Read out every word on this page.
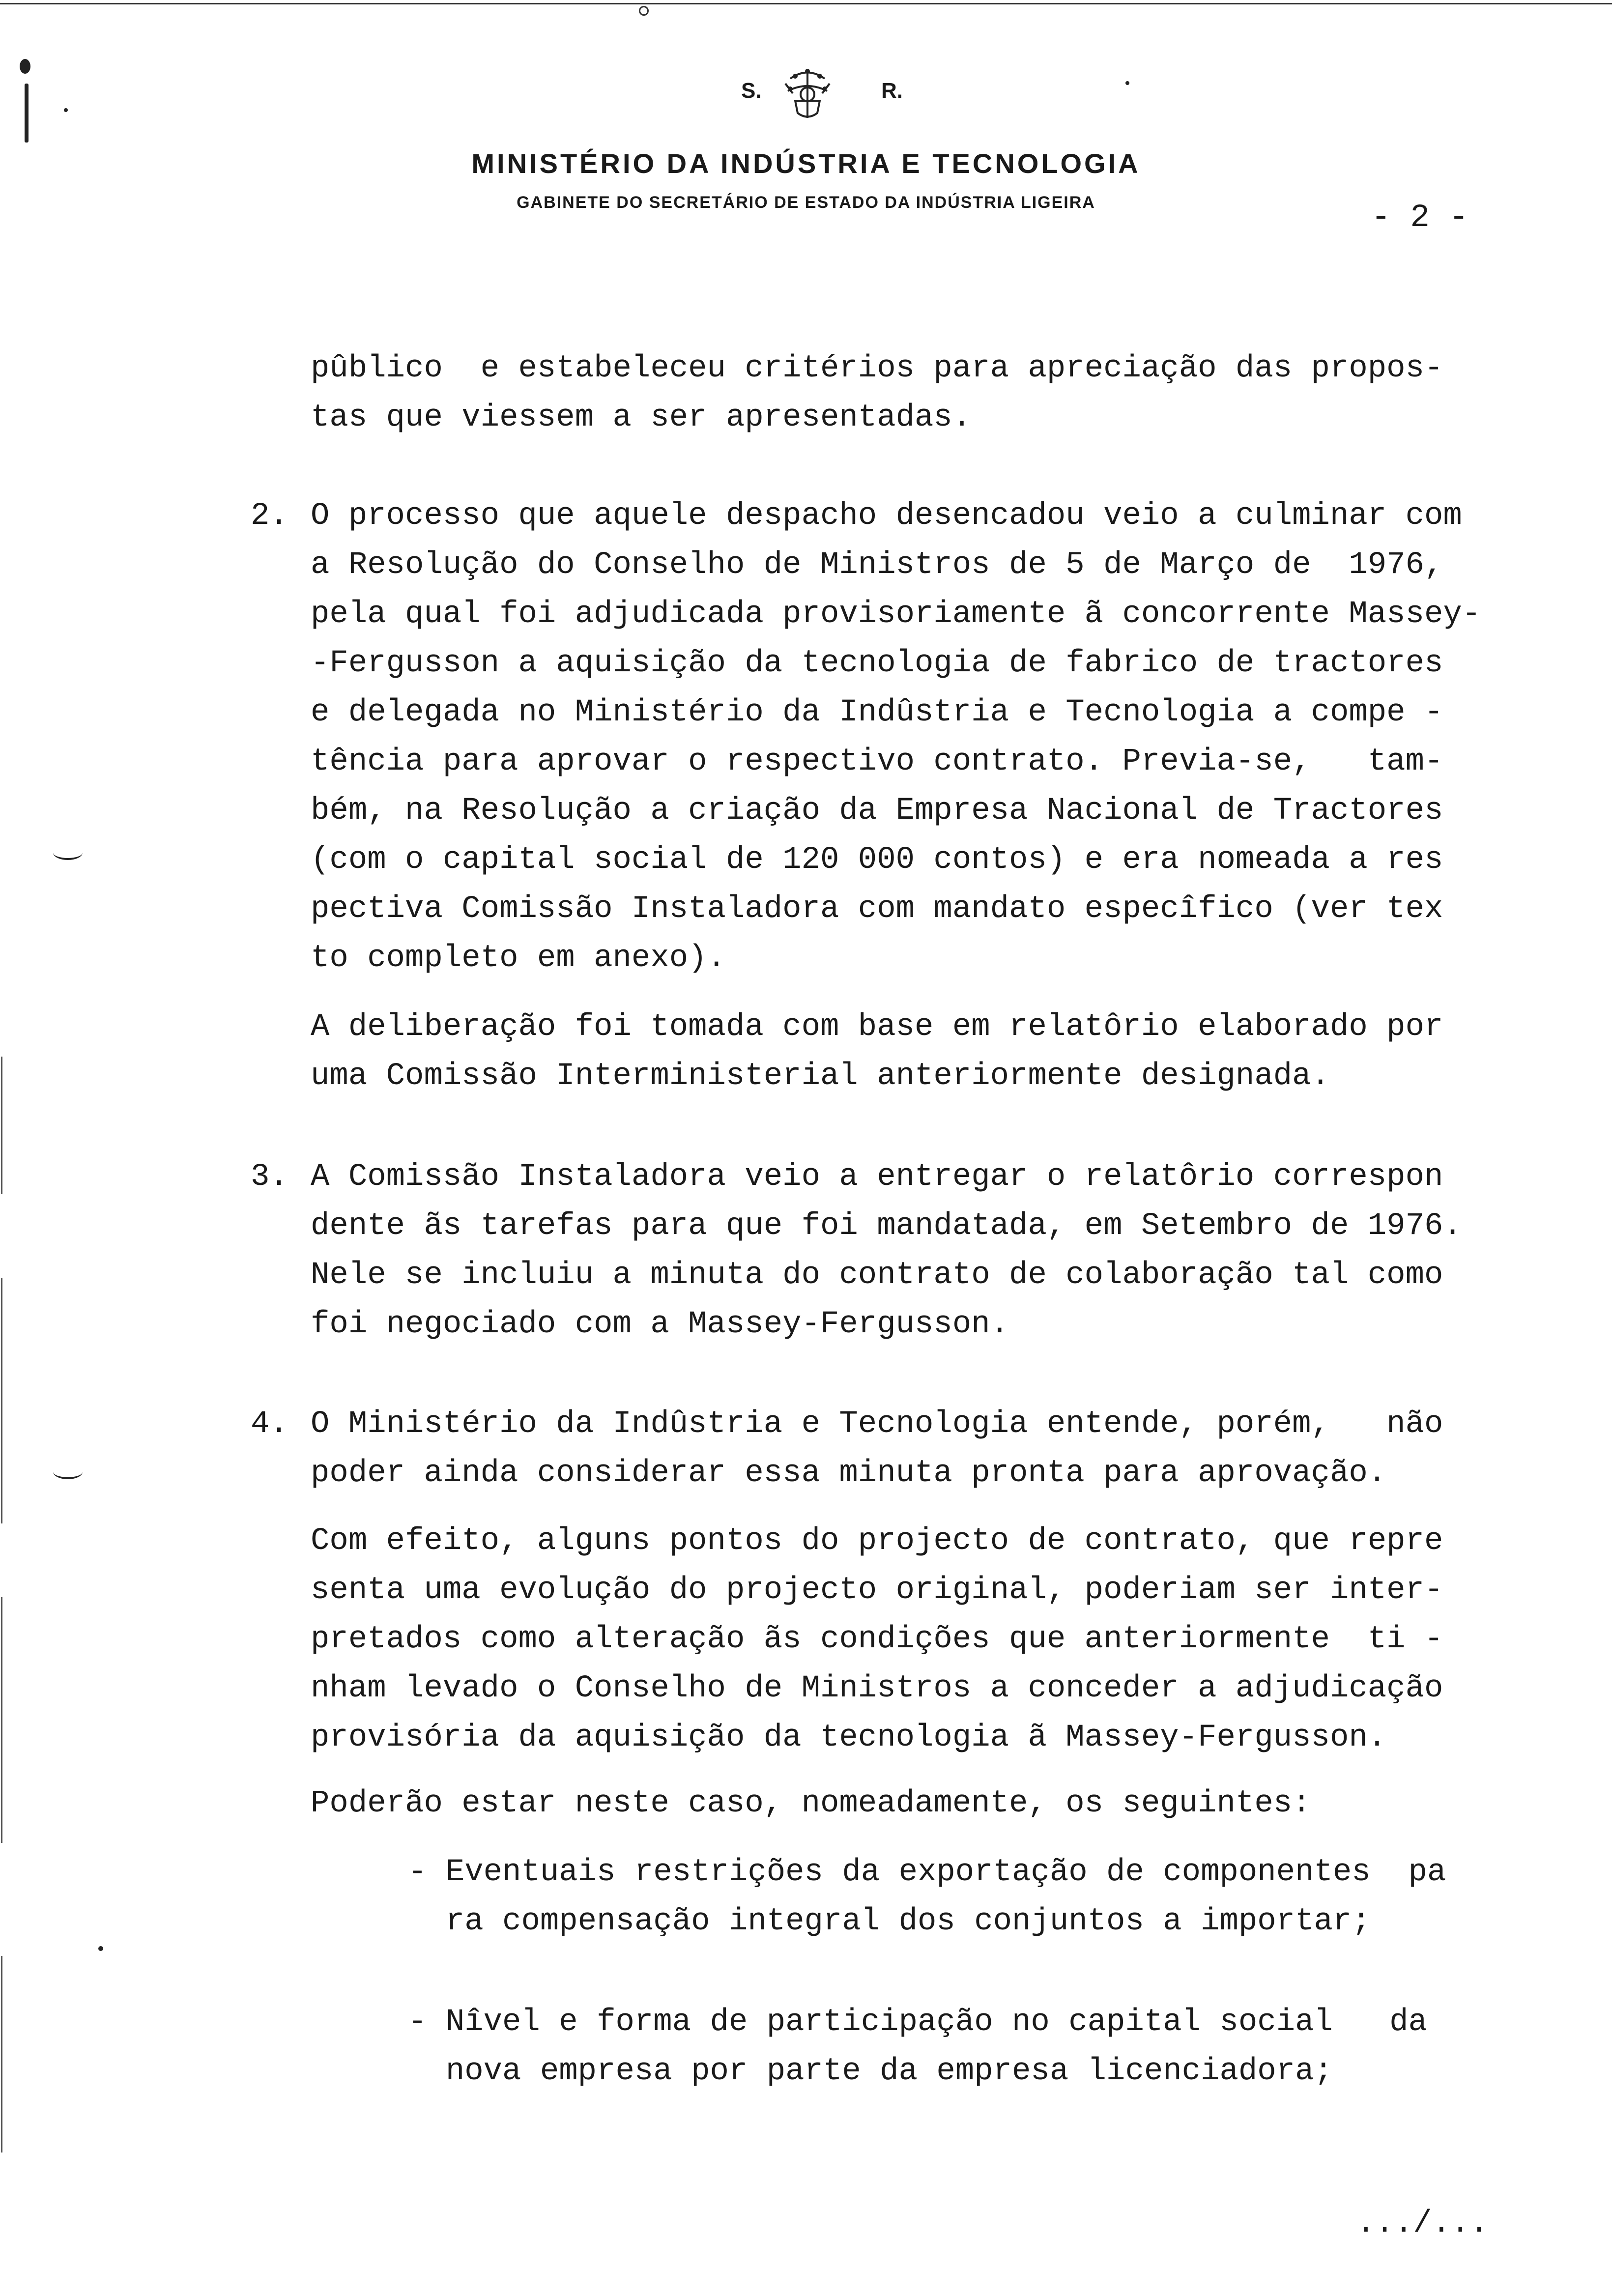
S.	R.
MINISTÉRIO DA INDÚSTRIA E TECNOLOGIA
GABINETE DO SECRETÁRIO DE ESTADO DA INDÚSTRIA LIGEIRA	- 2 -
pûblico  e estabeleceu critérios para apreciação das propos-
tas que viessem a ser apresentadas.
2. O processo que aquele despacho desencadou veio a culminar com
a Resolução do Conselho de Ministros de 5 de Março de  1976,
pela qual foi adjudicada provisoriamente ã concorrente Massey-
-Fergusson a aquisição da tecnologia de fabrico de tractores
e delegada no Ministério da Indûstria e Tecnologia a compe -
tência para aprovar o respectivo contrato. Previa-se,   tam-
bém, na Resolução a criação da Empresa Nacional de Tractores
(com o capital social de 120 000 contos) e era nomeada a res
pectiva Comissão Instaladora com mandato especîfico (ver tex
to completo em anexo).
A deliberação foi tomada com base em relatôrio elaborado por
uma Comissão Interministerial anteriormente designada.
3. A Comissão Instaladora veio a entregar o relatôrio correspon
dente ãs tarefas para que foi mandatada, em Setembro de 1976.
Nele se incluiu a minuta do contrato de colaboração tal como
foi negociado com a Massey-Fergusson.
4. O Ministério da Indûstria e Tecnologia entende, porém,   não
poder ainda considerar essa minuta pronta para aprovação.
Com efeito, alguns pontos do projecto de contrato, que repre
senta uma evolução do projecto original, poderiam ser inter-
pretados como alteração ãs condições que anteriormente  ti -
nham levado o Conselho de Ministros a conceder a adjudicação
provisória da aquisição da tecnologia ã Massey-Fergusson.
Poderão estar neste caso, nomeadamente, os seguintes:
- Eventuais restrições da exportação de componentes  pa
ra compensação integral dos conjuntos a importar;
- Nîvel e forma de participação no capital social   da
nova empresa por parte da empresa licenciadora;
.../...
